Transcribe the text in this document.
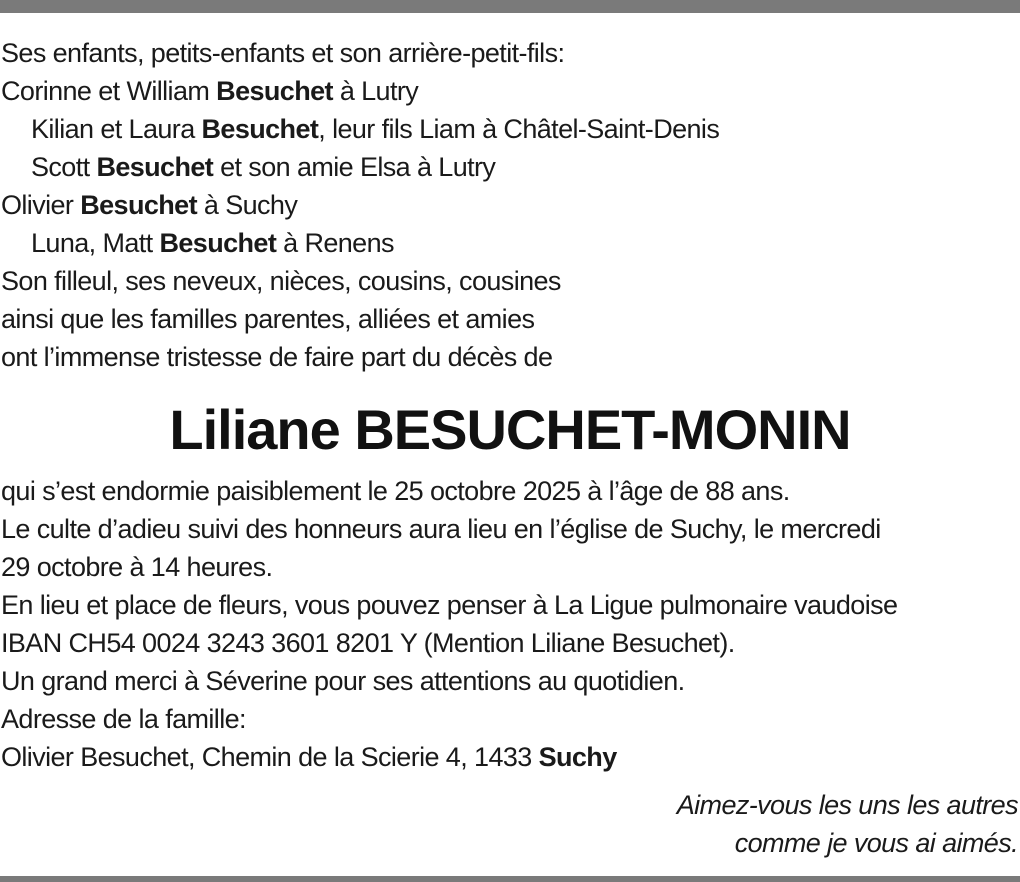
Ses enfants, petits-enfants et son arrière-petit-fils:
Corinne et William Besuchet à Lutry
Kilian et Laura Besuchet, leur fils Liam à Châtel-Saint-Denis
Scott Besuchet et son amie Elsa à Lutry
Olivier Besuchet à Suchy
Luna, Matt Besuchet à Renens
Son filleul, ses neveux, nièces, cousins, cousines
ainsi que les familles parentes, alliées et amies
ont l’immense tristesse de faire part du décès de
Liliane BESUCHET-MONIN
qui s’est endormie paisiblement le 25 octobre 2025 à l’âge de 88 ans.
Le culte d’adieu suivi des honneurs aura lieu en l’église de Suchy, le mercredi
29 octobre à 14 heures.
En lieu et place de fleurs, vous pouvez penser à La Ligue pulmonaire vaudoise
IBAN CH54 0024 3243 3601 8201 Y (Mention Liliane Besuchet).
Un grand merci à Séverine pour ses attentions au quotidien.
Adresse de la famille:
Olivier Besuchet, Chemin de la Scierie 4, 1433 Suchy
Aimez-vous les uns les autres
comme je vous ai aimés.
